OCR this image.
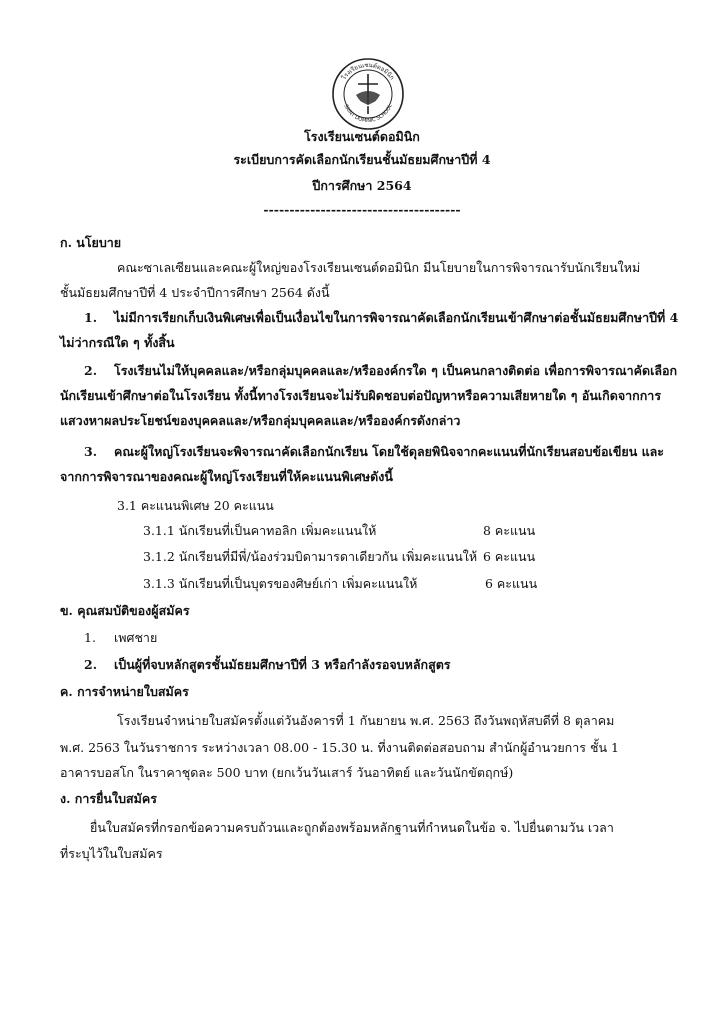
โรงเรียนเซนต์ดอมินิก
SAINT DOMINIC SCHOOL
โรงเรียนเซนต์ดอมินิก
ระเบียบการคัดเลือกนักเรียนชั้นมัธยมศึกษาปีที่ 4
ปีการศึกษา 2564
--------------------------------------
ก. นโยบาย
คณะซาเลเซียนและคณะผู้ใหญ่ของโรงเรียนเซนต์ดอมินิก มีนโยบายในการพิจารณารับนักเรียนใหม่
ชั้นมัธยมศึกษาปีที่ 4 ประจำปีการศึกษา 2564 ดังนี้
1. ไม่มีการเรียกเก็บเงินพิเศษเพื่อเป็นเงื่อนไขในการพิจารณาคัดเลือกนักเรียนเข้าศึกษาต่อชั้นมัธยมศึกษาปีที่ 4
ไม่ว่ากรณีใด ๆ ทั้งสิ้น
2. โรงเรียนไม่ให้บุคคลและ/หรือกลุ่มบุคคลและ/หรือองค์กรใด ๆ เป็นคนกลางติดต่อ เพื่อการพิจารณาคัดเลือก
นักเรียนเข้าศึกษาต่อในโรงเรียน ทั้งนี้ทางโรงเรียนจะไม่รับผิดชอบต่อปัญหาหรือความเสียหายใด ๆ อันเกิดจากการ
แสวงหาผลประโยชน์ของบุคคลและ/หรือกลุ่มบุคคลและ/หรือองค์กรดังกล่าว
3. คณะผู้ใหญ่โรงเรียนจะพิจารณาคัดเลือกนักเรียน โดยใช้ดุลยพินิจจากคะแนนที่นักเรียนสอบข้อเขียน และ
จากการพิจารณาของคณะผู้ใหญ่โรงเรียนที่ให้คะแนนพิเศษดังนี้
3.1 คะแนนพิเศษ 20 คะแนน
3.1.1 นักเรียนที่เป็นคาทอลิก เพิ่มคะแนนให้	8 คะแนน
3.1.2 นักเรียนที่มีพี่/น้องร่วมบิดามารดาเดียวกัน เพิ่มคะแนนให้ 6 คะแนน
3.1.3 นักเรียนที่เป็นบุตรของศิษย์เก่า เพิ่มคะแนนให้	6 คะแนน
ข. คุณสมบัติของผู้สมัคร
1. เพศชาย
2. เป็นผู้ที่จบหลักสูตรชั้นมัธยมศึกษาปีที่ 3 หรือกำลังรอจบหลักสูตร
ค. การจำหน่ายใบสมัคร
โรงเรียนจำหน่ายใบสมัครตั้งแต่วันอังคารที่ 1 กันยายน พ.ศ. 2563 ถึงวันพฤหัสบดีที่ 8 ตุลาคม
พ.ศ. 2563 ในวันราชการ ระหว่างเวลา 08.00 - 15.30 น. ที่งานติดต่อสอบถาม สำนักผู้อำนวยการ ชั้น 1
อาคารบอสโก ในราคาชุดละ 500 บาท (ยกเว้นวันเสาร์ วันอาทิตย์ และวันนักขัตฤกษ์)
ง. การยื่นใบสมัคร
ยื่นใบสมัครที่กรอกข้อความครบถ้วนและถูกต้องพร้อมหลักฐานที่กำหนดในข้อ จ. ไปยื่นตามวัน เวลา
ที่ระบุไว้ในใบสมัคร
